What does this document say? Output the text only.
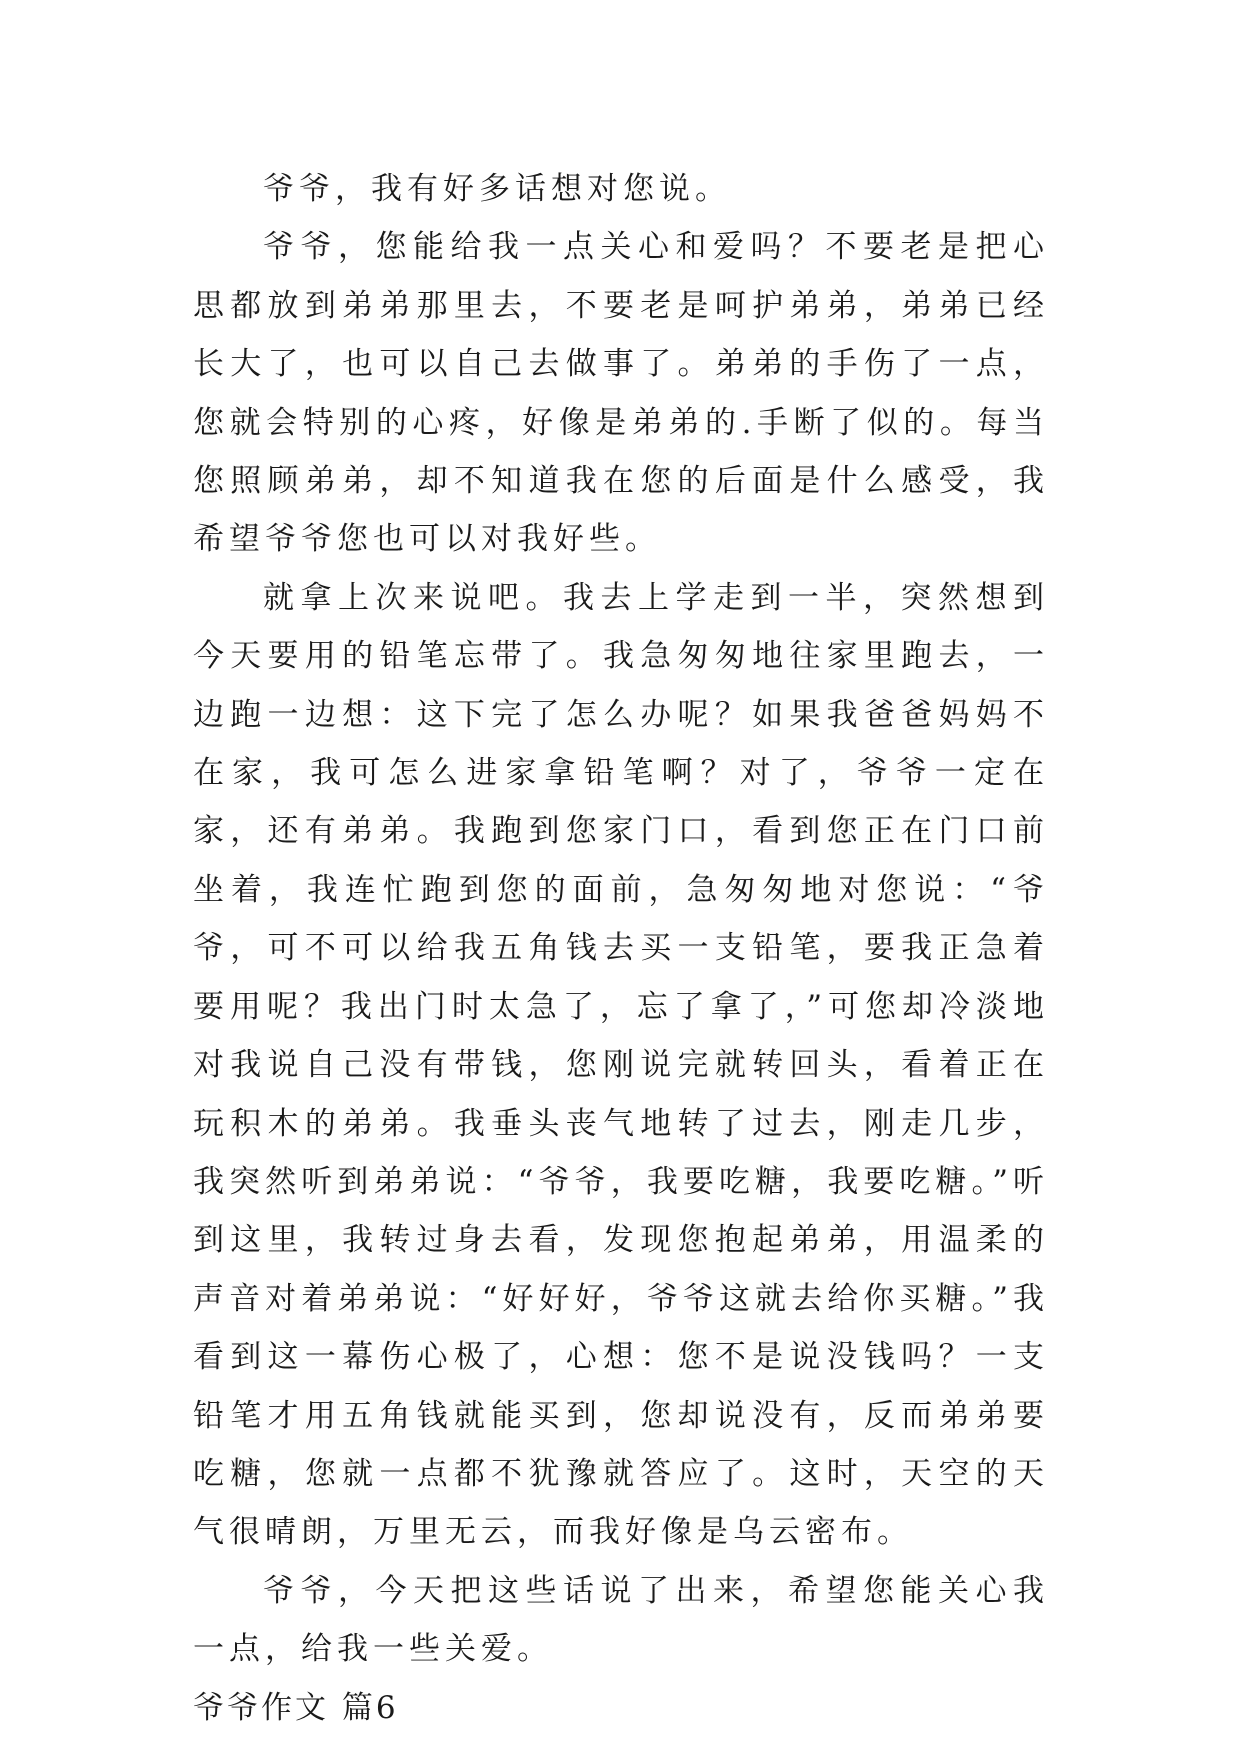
爷爷，我有好多话想对您说。

爷爷，您能给我一点关心和爱吗？不要老是把心思都放到弟弟那里去，不要老是呵护弟弟，弟弟已经长大了，也可以自己去做事了。弟弟的手伤了一点，您就会特别的心疼，好像是弟弟的.手断了似的。每当您照顾弟弟，却不知道我在您的后面是什么感受，我希望爷爷您也可以对我好些。

就拿上次来说吧。我去上学走到一半，突然想到今天要用的铅笔忘带了。我急匆匆地往家里跑去，一边跑一边想：这下完了怎么办呢？如果我爸爸妈妈不在家，我可怎么进家拿铅笔啊？对了，爷爷一定在家，还有弟弟。我跑到您家门口，看到您正在门口前坐着，我连忙跑到您的面前，急匆匆地对您说：“爷爷，可不可以给我五角钱去买一支铅笔，要我正急着要用呢？我出门时太急了，忘了拿了，”可您却冷淡地对我说自己没有带钱，您刚说完就转回头，看着正在玩积木的弟弟。我垂头丧气地转了过去，刚走几步，我突然听到弟弟说：“爷爷，我要吃糖，我要吃糖。”听到这里，我转过身去看，发现您抱起弟弟，用温柔的声音对着弟弟说：“好好好，爷爷这就去给你买糖。”我看到这一幕伤心极了，心想：您不是说没钱吗？一支铅笔才用五角钱就能买到，您却说没有，反而弟弟要吃糖，您就一点都不犹豫就答应了。这时，天空的天气很晴朗，万里无云，而我好像是乌云密布。

爷爷，今天把这些话说了出来，希望您能关心我一点，给我一些关爱。

爷爷作文 篇6
